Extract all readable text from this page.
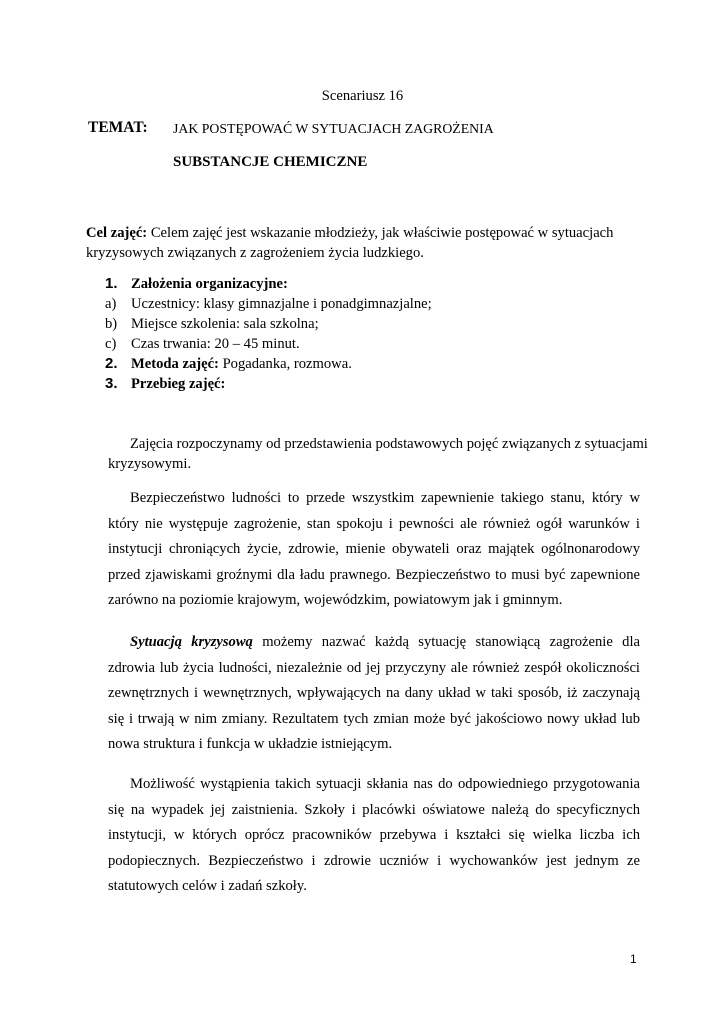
Scenariusz 16
TEMAT: JAK POSTĘPOWAĆ W SYTUACJACH ZAGROŻENIA
SUBSTANCJE CHEMICZNE
Cel zajęć: Celem zajęć jest wskazanie młodzieży, jak właściwie postępować w sytuacjach kryzysowych związanych z zagrożeniem życia ludzkiego.
1. Założenia organizacyjne:
a)	Uczestnicy: klasy gimnazjalne i ponadgimnazjalne;
b) Miejsce szkolenia: sala szkolna;
c)	Czas trwania: 20 – 45 minut.
2. Metoda zajęć: Pogadanka, rozmowa.
3. Przebieg zajęć:
Zajęcia rozpoczynamy od przedstawienia podstawowych pojęć związanych z sytuacjami kryzysowymi.
Bezpieczeństwo ludności to przede wszystkim zapewnienie takiego stanu, który w który nie występuje zagrożenie, stan spokoju i pewności ale również ogół warunków i instytucji chroniących życie, zdrowie, mienie obywateli oraz majątek ogólnonarodowy przed zjawiskami groźnymi dla ładu prawnego. Bezpieczeństwo to musi być zapewnione zarówno na poziomie krajowym, wojewódzkim, powiatowym jak i gminnym.
Sytuacją kryzysową możemy nazwać każdą sytuację stanowiącą zagrożenie dla zdrowia lub życia ludności, niezależnie od jej przyczyny ale również zespół okoliczności zewnętrznych i wewnętrznych, wpływających na dany układ w taki sposób, iż zaczynają się i trwają w nim zmiany. Rezultatem tych zmian może być jakościowo nowy układ lub nowa struktura i funkcja w układzie istniejącym.
Możliwość wystąpienia takich sytuacji skłania nas do odpowiedniego przygotowania się na wypadek jej zaistnienia. Szkoły i placówki oświatowe należą do specyficznych instytucji, w których oprócz pracowników przebywa i kształci się wielka liczba ich podopiecznych. Bezpieczeństwo i zdrowie uczniów i wychowanków jest jednym ze statutowych celów i zadań szkoły.
1
